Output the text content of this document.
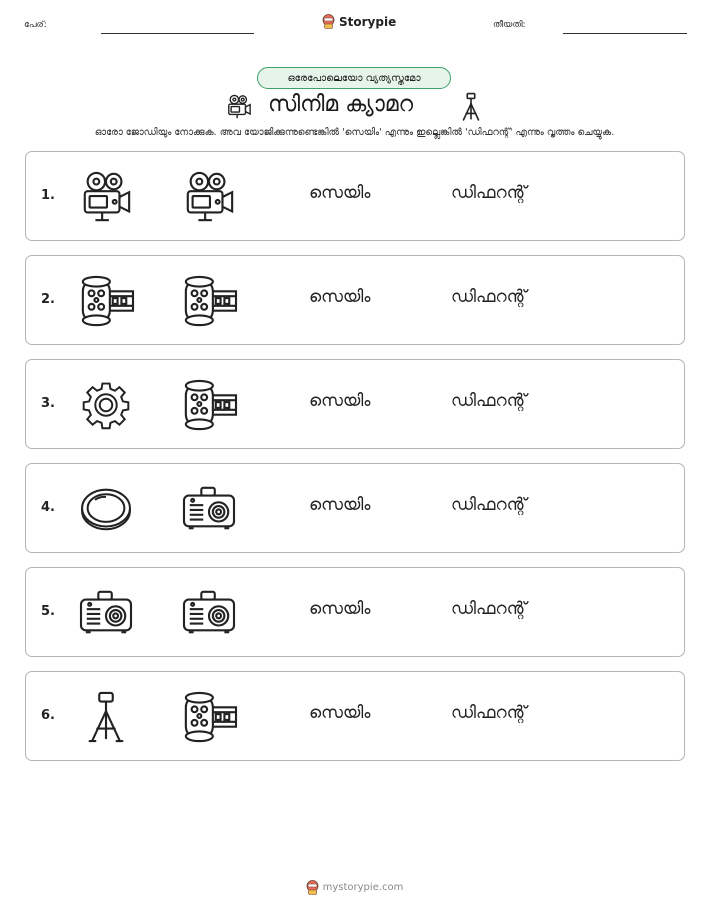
പേര്:	Storypie	തീയതി:
ഒരേപോലെയോ വ്യത്യസ്തമോ
സിനിമ ക്യാമറ
ഓരോ ജോഡിയും നോക്കുക. അവ യോജിക്കുന്നുണ്ടെങ്കിൽ 'സെയിം' എന്നും ഇല്ലെങ്കിൽ 'ഡിഫറന്റ്' എന്നും വൃത്തം ചെയ്യുക.
1.	സെയിം	ഡിഫറന്റ്
2.	സെയിം	ഡിഫറന്റ്
3.	സെയിം	ഡിഫറന്റ്
4.	സെയിം	ഡിഫറന്റ്
5.	സെയിം	ഡിഫറന്റ്
6.	സെയിം	ഡിഫറന്റ്
mystorypie.com
